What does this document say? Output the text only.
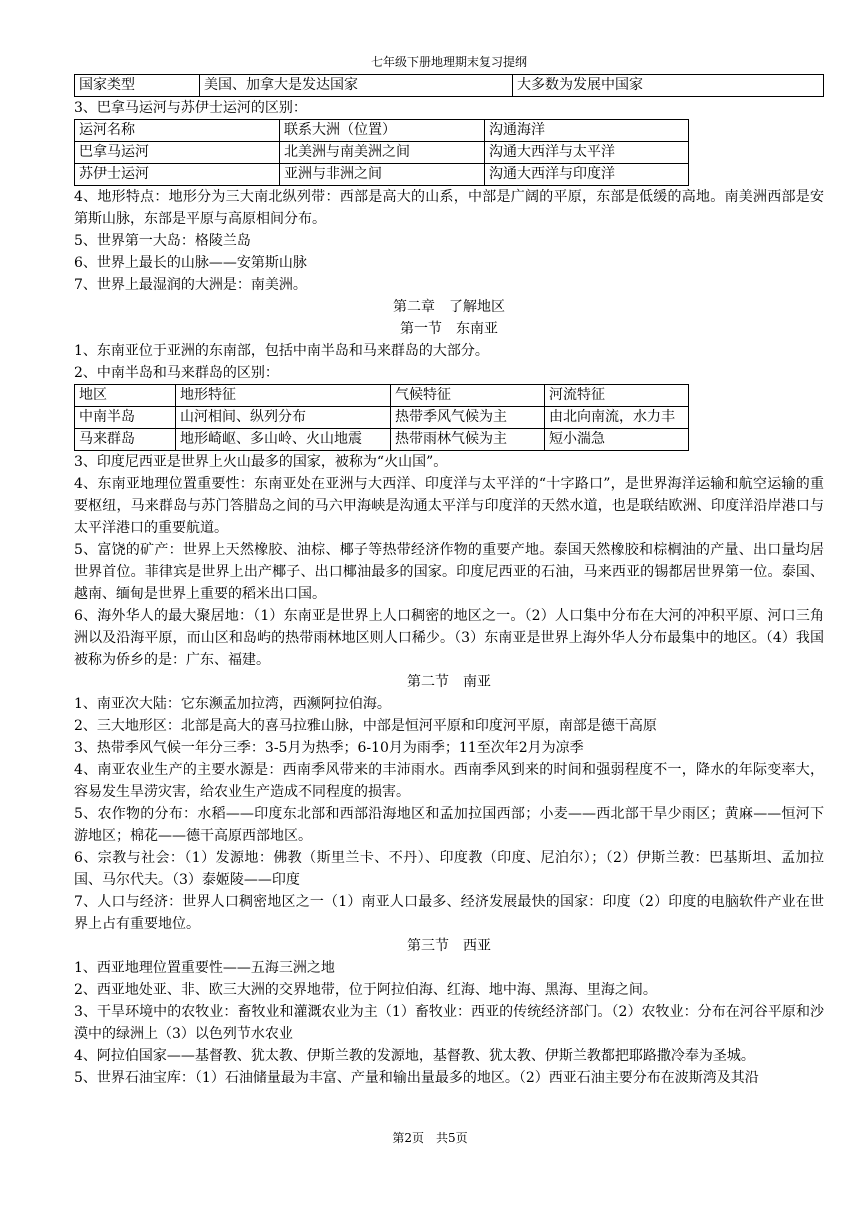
七年级下册地理期末复习提纲
国家类型	美国、加拿大是发达国家	大多数为发展中国家

3、巴拿马运河与苏伊士运河的区别：

运河名称	联系大洲（位置）	沟通海洋
巴拿马运河	北美洲与南美洲之间	沟通大西洋与太平洋
苏伊士运河	亚洲与非洲之间	沟通大西洋与印度洋

4、地形特点：地形分为三大南北纵列带：西部是高大的山系，中部是广阔的平原，东部是低缓的高地。南美洲西部是安第斯山脉，东部是平原与高原相间分布。

5、世界第一大岛：格陵兰岛

6、世界上最长的山脉——安第斯山脉

7、世界上最湿润的大洲是：南美洲。

第二章　了解地区

第一节　东南亚

1、东南亚位于亚洲的东南部，包括中南半岛和马来群岛的大部分。

2、中南半岛和马来群岛的区别：

地区	地形特征	气候特征	河流特征
中南半岛	山河相间、纵列分布	热带季风气候为主	由北向南流，水力丰
马来群岛	地形崎岖、多山岭、火山地震	热带雨林气候为主	短小湍急

3、印度尼西亚是世界上火山最多的国家，被称为“火山国”。

4、东南亚地理位置重要性：东南亚处在亚洲与大西洋、印度洋与太平洋的“十字路口”，是世界海洋运输和航空运输的重要枢纽，马来群岛与苏门答腊岛之间的马六甲海峡是沟通太平洋与印度洋的天然水道，也是联结欧洲、印度洋沿岸港口与太平洋港口的重要航道。

5、富饶的矿产：世界上天然橡胶、油棕、椰子等热带经济作物的重要产地。泰国天然橡胶和棕榈油的产量、出口量均居世界首位。菲律宾是世界上出产椰子、出口椰油最多的国家。印度尼西亚的石油，马来西亚的锡都居世界第一位。泰国、越南、缅甸是世界上重要的稻米出口国。

6、海外华人的最大聚居地：（1）东南亚是世界上人口稠密的地区之一。（2）人口集中分布在大河的冲积平原、河口三角洲以及沿海平原，而山区和岛屿的热带雨林地区则人口稀少。（3）东南亚是世界上海外华人分布最集中的地区。（4）我国被称为侨乡的是：广东、福建。

第二节　南亚

1、南亚次大陆：它东濒孟加拉湾，西濒阿拉伯海。

2、三大地形区：北部是高大的喜马拉雅山脉，中部是恒河平原和印度河平原，南部是德干高原

3、热带季风气候一年分三季：3-5月为热季；6-10月为雨季；11至次年2月为凉季

4、南亚农业生产的主要水源是：西南季风带来的丰沛雨水。西南季风到来的时间和强弱程度不一，降水的年际变率大，容易发生旱涝灾害，给农业生产造成不同程度的损害。

5、农作物的分布：水稻——印度东北部和西部沿海地区和孟加拉国西部；小麦——西北部干旱少雨区；黄麻——恒河下游地区；棉花——德干高原西部地区。

6、宗教与社会：（1）发源地：佛教（斯里兰卡、不丹）、印度教（印度、尼泊尔）；（2）伊斯兰教：巴基斯坦、孟加拉国、马尔代夫。（3）泰姬陵——印度

7、人口与经济：世界人口稠密地区之一（1）南亚人口最多、经济发展最快的国家：印度（2）印度的电脑软件产业在世界上占有重要地位。

第三节　西亚

1、西亚地理位置重要性——五海三洲之地

2、西亚地处亚、非、欧三大洲的交界地带，位于阿拉伯海、红海、地中海、黑海、里海之间。

3、干旱环境中的农牧业：畜牧业和灌溉农业为主（1）畜牧业：西亚的传统经济部门。（2）农牧业：分布在河谷平原和沙漠中的绿洲上（3）以色列节水农业

4、阿拉伯国家——基督教、犹太教、伊斯兰教的发源地，基督教、犹太教、伊斯兰教都把耶路撒冷奉为圣城。

5、世界石油宝库：（1）石油储量最为丰富、产量和输出量最多的地区。（2）西亚石油主要分布在波斯湾及其沿

第2页　共5页
